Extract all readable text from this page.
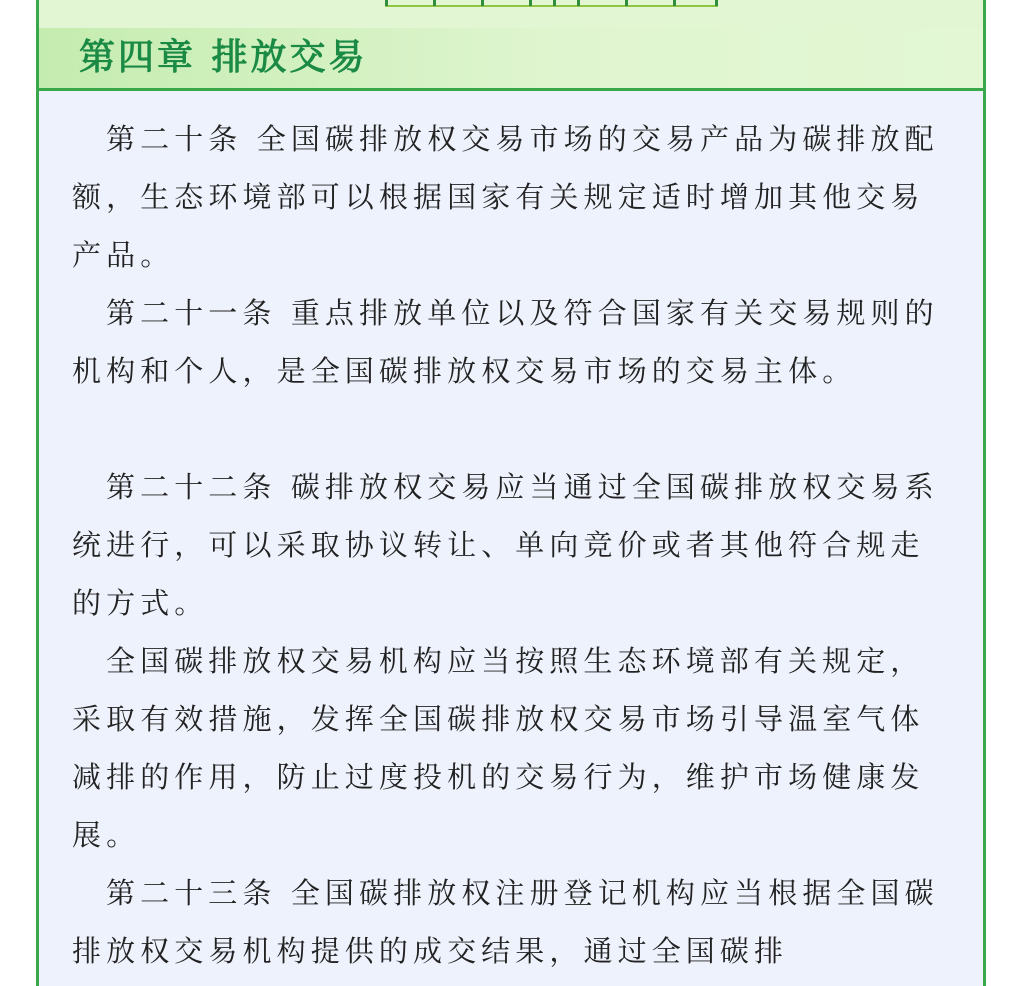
第四章 排放交易

第二十条 全国碳排放权交易市场的交易产品为碳排放配额，生态环境部可以根据国家有关规定适时增加其他交易产品。

第二十一条 重点排放单位以及符合国家有关交易规则的机构和个人，是全国碳排放权交易市场的交易主体。

第二十二条 碳排放权交易应当通过全国碳排放权交易系统进行，可以采取协议转让、单向竞价或者其他符合规走的方式。

全国碳排放权交易机构应当按照生态环境部有关规定，采取有效措施，发挥全国碳排放权交易市场引导温室气体减排的作用，防止过度投机的交易行为，维护市场健康发展。

第二十三条 全国碳排放权注册登记机构应当根据全国碳排放权交易机构提供的成交结果，通过全国碳排
